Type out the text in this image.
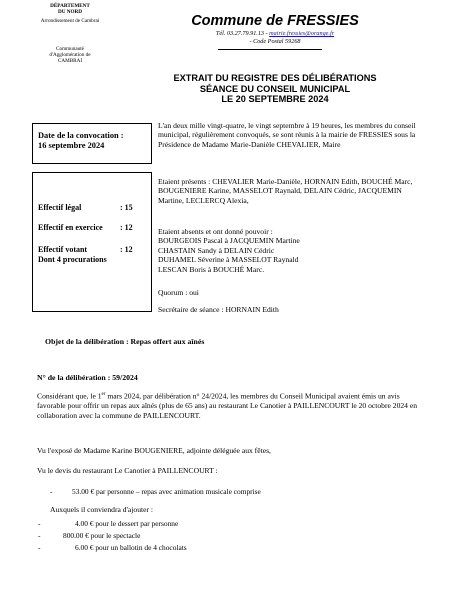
DÉPARTEMENT
DU NORD
Arrondissement de Cambrai
Communauté
d'Agglomération de
CAMBRAI
Commune de FRESSIES
Tél. 03.27.79.91.13 - mairie.fressies@orange.fr
- Code Postal 59268
EXTRAIT DU REGISTRE DES DÉLIBÉRATIONS
SÉANCE DU CONSEIL MUNICIPAL
LE 20 SEPTEMBRE 2024
Date de la convocation :
16 septembre 2024
Effectif légal	: 15
Effectif en exercice : 12
Effectif votant	: 12
Dont 4 procurations
L'an deux mille vingt-quatre, le vingt septembre à 19 heures, les membres du conseil municipal, régulièrement convoqués, se sont réunis à la mairie de FRESSIES sous la Présidence de Madame Marie-Danièle CHEVALIER, Maire
Etaient présents : CHEVALIER Marie-Danièle, HORNAIN Edith, BOUCHÉ Marc, BOUGENIERE Karine, MASSELOT Raynald, DELAIN Cédric, JACQUEMIN Martine, LECLERCQ Alexia,
Etaient absents et ont donné pouvoir :
BOURGEOIS Pascal à JACQUEMIN Martine
CHASTAIN Sandy à DELAIN Cédric
DUHAMEL Séverine à MASSELOT Raynald
LESCAN Boris à BOUCHÉ Marc.
Quorum : oui
Secrétaire de séance : HORNAIN Edith
Objet de la délibération : Repas offert aux aînés
N° de la délibération : 59/2024
Considérant que, le 1er mars 2024, par délibération n° 24/2024, les membres du Conseil Municipal avaient émis un avis favorable pour offrir un repas aux aînés (plus de 65 ans) au restaurant Le Canotier à PAILLENCOURT le 20 octobre 2024 en collaboration avec la commune de PAILLENCOURT.
Vu l'exposé de Madame Karine BOUGENIERE, adjointe déléguée aux fêtes,
Vu le devis du restaurant Le Canotier à PAILLENCOURT :
-	53.00 € par personne – repas avec animation musicale comprise
Auxquels il conviendra d'ajouter :
-	4.00 € pour le dessert par personne
-	800.00 € pour le spectacle
-	6.00 € pour un ballotin de 4 chocolats
